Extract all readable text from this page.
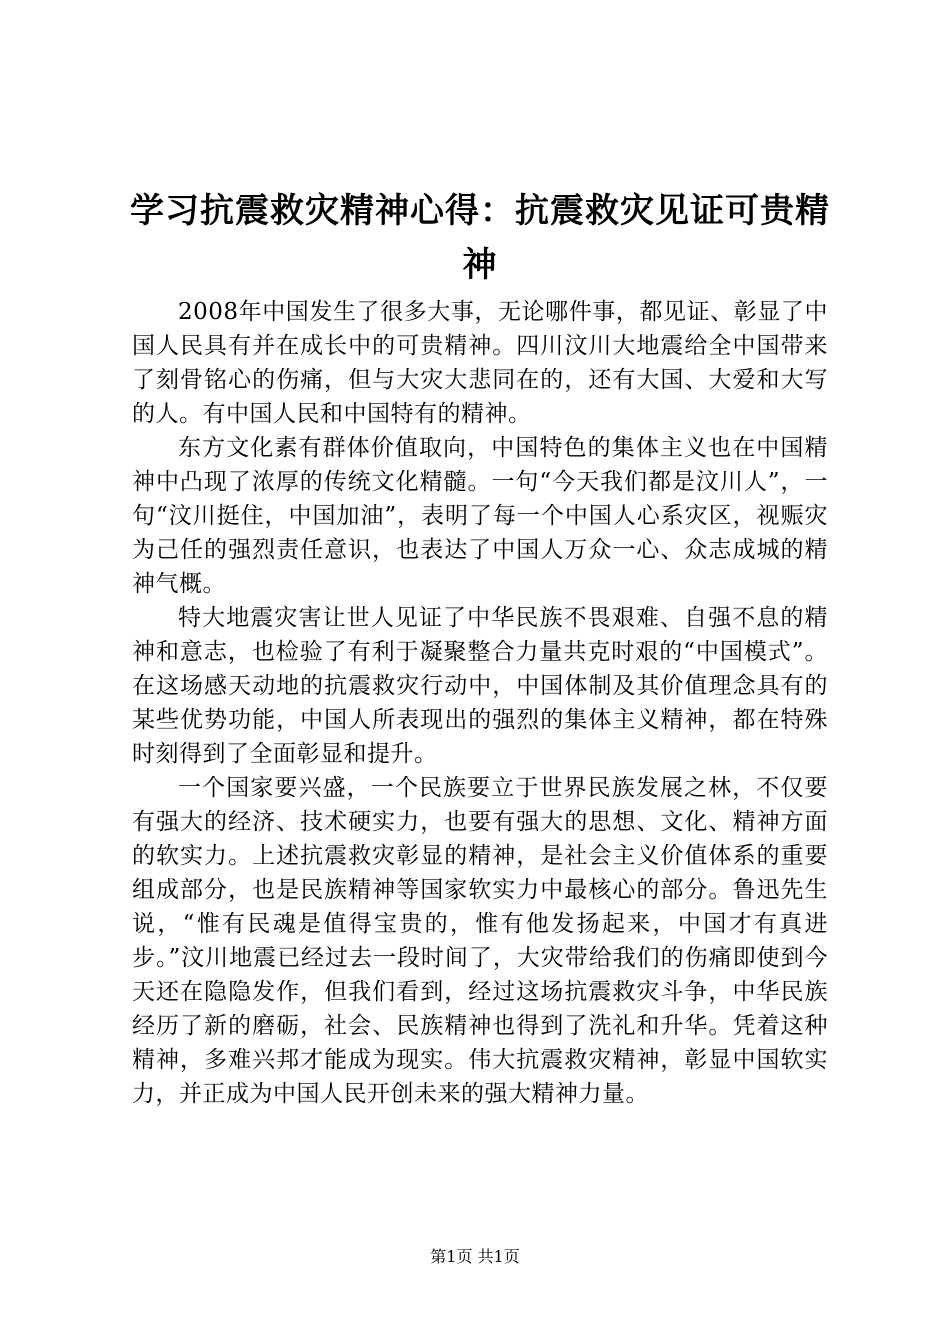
学习抗震救灾精神心得：抗震救灾见证可贵精神

2008年中国发生了很多大事，无论哪件事，都见证、彰显了中国人民具有并在成长中的可贵精神。四川汶川大地震给全中国带来了刻骨铭心的伤痛，但与大灾大悲同在的，还有大国、大爱和大写的人。有中国人民和中国特有的精神。

东方文化素有群体价值取向，中国特色的集体主义也在中国精神中凸现了浓厚的传统文化精髓。一句“今天我们都是汶川人”，一句“汶川挺住，中国加油”，表明了每一个中国人心系灾区，视赈灾为己任的强烈责任意识，也表达了中国人万众一心、众志成城的精神气概。

特大地震灾害让世人见证了中华民族不畏艰难、自强不息的精神和意志，也检验了有利于凝聚整合力量共克时艰的“中国模式”。在这场感天动地的抗震救灾行动中，中国体制及其价值理念具有的某些优势功能，中国人所表现出的强烈的集体主义精神，都在特殊时刻得到了全面彰显和提升。

一个国家要兴盛，一个民族要立于世界民族发展之林，不仅要有强大的经济、技术硬实力，也要有强大的思想、文化、精神方面的软实力。上述抗震救灾彰显的精神，是社会主义价值体系的重要组成部分，也是民族精神等国家软实力中最核心的部分。鲁迅先生说，“惟有民魂是值得宝贵的，惟有他发扬起来，中国才有真进步。”汶川地震已经过去一段时间了，大灾带给我们的伤痛即使到今天还在隐隐发作，但我们看到，经过这场抗震救灾斗争，中华民族经历了新的磨砺，社会、民族精神也得到了洗礼和升华。凭着这种精神，多难兴邦才能成为现实。伟大抗震救灾精神，彰显中国软实力，并正成为中国人民开创未来的强大精神力量。

第1页 共1页
